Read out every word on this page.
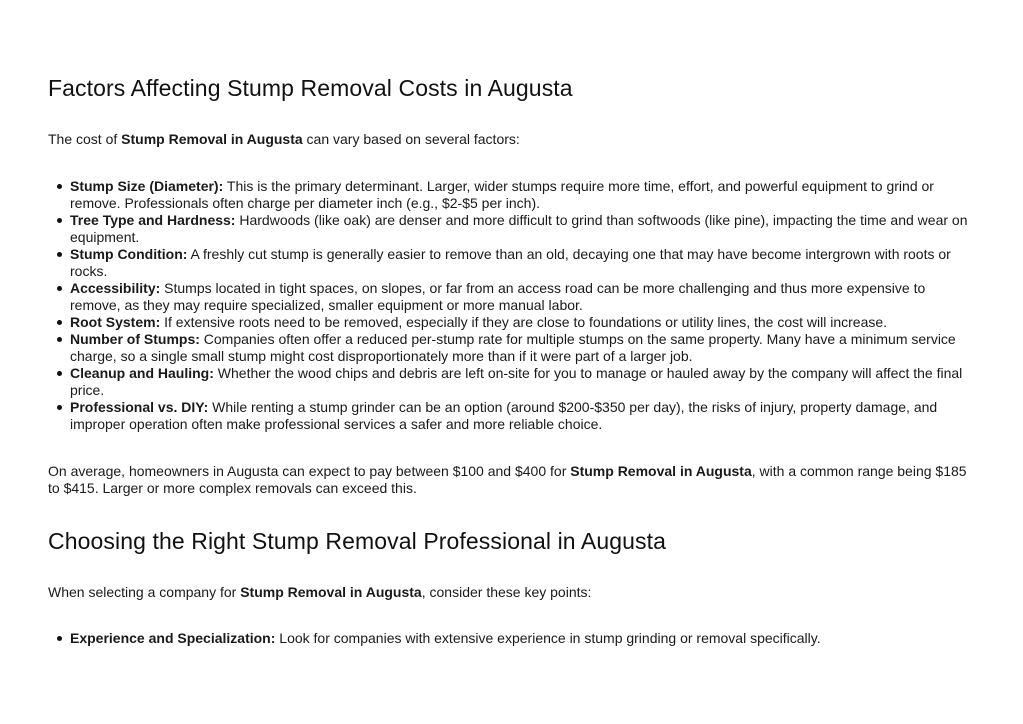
Factors Affecting Stump Removal Costs in Augusta

The cost of Stump Removal in Augusta can vary based on several factors:

Stump Size (Diameter): This is the primary determinant. Larger, wider stumps require more time, effort, and powerful equipment to grind or remove. Professionals often charge per diameter inch (e.g., $2-$5 per inch).
Tree Type and Hardness: Hardwoods (like oak) are denser and more difficult to grind than softwoods (like pine), impacting the time and wear on equipment.
Stump Condition: A freshly cut stump is generally easier to remove than an old, decaying one that may have become intergrown with roots or rocks.
Accessibility: Stumps located in tight spaces, on slopes, or far from an access road can be more challenging and thus more expensive to remove, as they may require specialized, smaller equipment or more manual labor.
Root System: If extensive roots need to be removed, especially if they are close to foundations or utility lines, the cost will increase.
Number of Stumps: Companies often offer a reduced per-stump rate for multiple stumps on the same property. Many have a minimum service charge, so a single small stump might cost disproportionately more than if it were part of a larger job.
Cleanup and Hauling: Whether the wood chips and debris are left on-site for you to manage or hauled away by the company will affect the final price.
Professional vs. DIY: While renting a stump grinder can be an option (around $200-$350 per day), the risks of injury, property damage, and improper operation often make professional services a safer and more reliable choice.

On average, homeowners in Augusta can expect to pay between $100 and $400 for Stump Removal in Augusta, with a common range being $185 to $415. Larger or more complex removals can exceed this.

Choosing the Right Stump Removal Professional in Augusta

When selecting a company for Stump Removal in Augusta, consider these key points:

Experience and Specialization: Look for companies with extensive experience in stump grinding or removal specifically.
